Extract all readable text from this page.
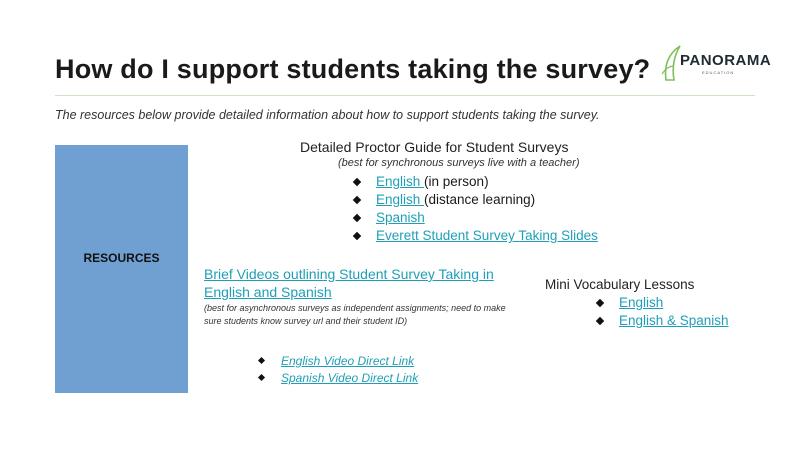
How do I support students taking the survey? PANORAMA
EDUCATION
The resources below provide detailed information about how to support students taking the survey.
RESOURCES
Detailed Proctor Guide for Student Surveys
(best for synchronous surveys live with a teacher)
English (in person)
English (distance learning)
Spanish
Everett Student Survey Taking Slides
Brief Videos outlining Student Survey Taking in English and Spanish
(best for asynchronous surveys as independent assignments; need to make sure students know survey url and their student ID)
English Video Direct Link
Spanish Video Direct Link
Mini Vocabulary Lessons
English
English & Spanish
